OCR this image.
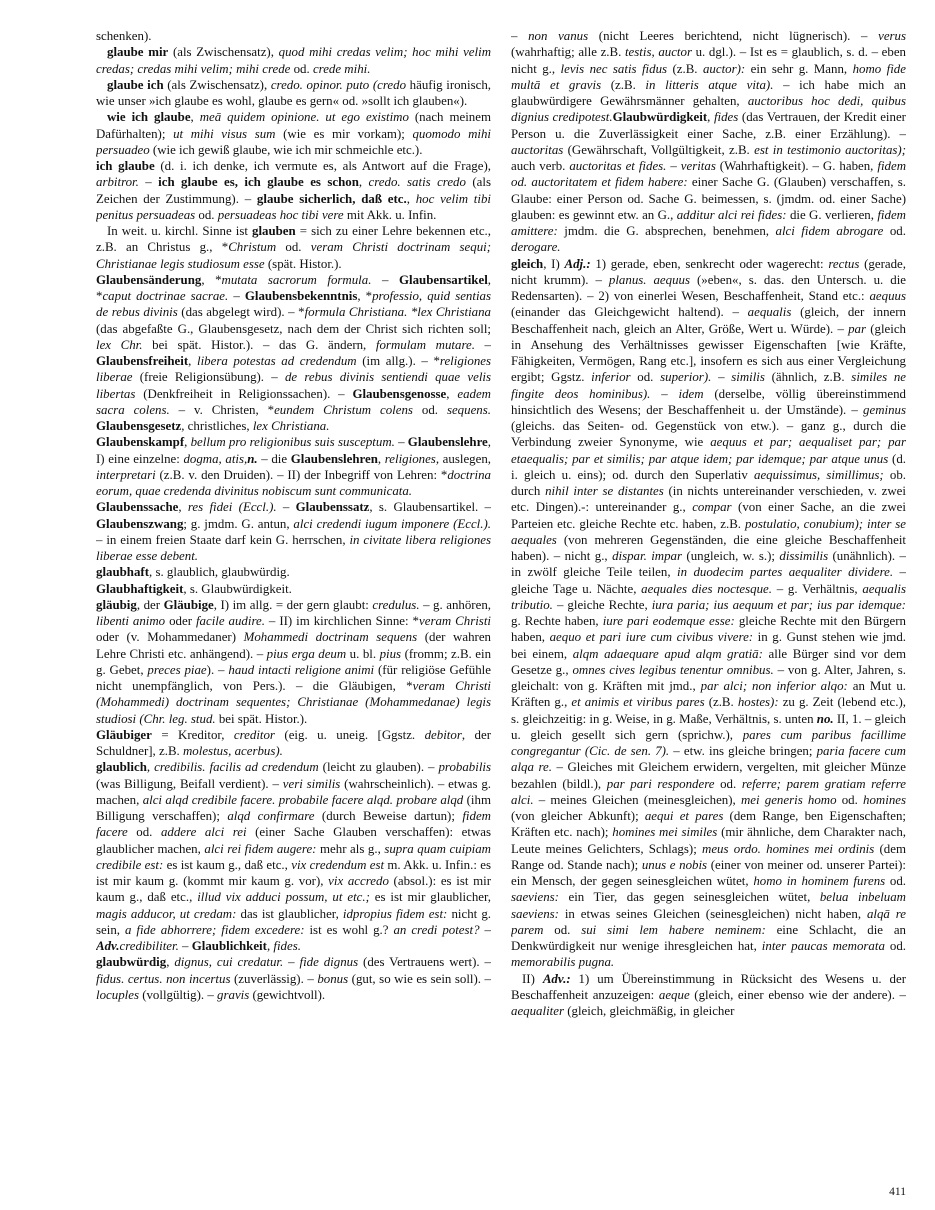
schenken).

glaube mir (als Zwischensatz), quod mihi credas velim; hoc mihi velim credas; credas mihi velim; mihi crede od. crede mihi.

glaube ich (als Zwischensatz), credo. opinor. puto (credo häufig ironisch, wie unser »ich glaube es wohl, glaube es gern« od. »sollt ich glauben«).

wie ich glaube, meā quidem opinione. ut ego existimo (nach meinem Dafürhalten); ut mihi visus sum (wie es mir vorkam); quomodo mihi persuadeo (wie ich gewiß glaube, wie ich mir schmeichle etc.).

ich glaube (d. i. ich denke, ich vermute es, als Antwort auf die Frage), arbitror. – ich glaube es, ich glaube es schon, credo. satis credo (als Zeichen der Zustimmung). – glaube sicherlich, daß etc., hoc velim tibi penitus persuadeas od. persuadeas hoc tibi vere mit Akk. u. Infin.

In weit. u. kirchl. Sinne ist glauben = sich zu einer Lehre bekennen etc., z.B. an Christus g., *Christum od. veram Christi doctrinam sequi; Christianae legis studiosum esse (spät. Histor.).

Glaubensänderung, *mutata sacrorum formula. – Glaubensartikel, *caput doctrinae sacrae. – Glaubensbekenntnis, *professio, quid sentias de rebus divinis (das abgelegt wird). – *formula Christiana. *lex Christiana (das abgefaßte G., Glaubensgesetz, nach dem der Christ sich richten soll; lex Chr. bei spät. Histor.). – das G. ändern, formulam mutare. – Glaubensfreiheit, libera potestas ad credendum (im allg.). – *religiones liberae (freie Religionsübung). – de rebus divinis sentiendi quae velis libertas (Denkfreiheit in Religionssachen). – Glaubensgenosse, eadem sacra colens. – v. Christen, *eundem Christum colens od. sequens. Glaubensgesetz, christliches, lex Christiana.

Glaubenskampf, bellum pro religionibus suis susceptum. – Glaubenslehre, I) eine einzelne: dogma, atis,n. – die Glaubenslehren, religiones, auslegen, interpretari (z.B. v. den Druiden). – II) der Inbegriff von Lehren: *doctrina eorum, quae credenda divinitus nobiscum sunt communicata.

Glaubenssache, res fidei (Eccl.). – Glaubenssatz, s. Glaubensartikel. – Glaubenszwang; g. jmdm. G. antun, alci credendi iugum imponere (Eccl.). – in einem freien Staate darf kein G. herrschen, in civitate libera religiones liberae esse debent.

glaubhaft, s. glaublich, glaubwürdig.

Glaubhaftigkeit, s. Glaubwürdigkeit.

gläubig, der Gläubige, I) im allg. = der gern glaubt: credulus. – g. anhören, libenti animo oder facile audire. – II) im kirchlichen Sinne: *veram Christi oder (v. Mohammedaner) Mohammedi doctrinam sequens (der wahren Lehre Christi etc. anhängend). – pius erga deum u. bl. pius (fromm; z.B. ein g. Gebet, preces piae). – haud intacti religione animi (für religiöse Gefühle nicht unempfänglich, von Pers.). – die Gläubigen, *veram Christi (Mohammedi) doctrinam sequentes; Christianae (Mohammedanae) legis studiosi (Chr. leg. stud. bei spät. Histor.).

Gläubiger = Kreditor, creditor (eig. u. uneig. [Ggstz. debitor, der Schuldner], z.B. molestus, acerbus).

glaublich, credibilis. facilis ad credendum (leicht zu glauben). – probabilis (was Billigung, Beifall verdient). – veri similis (wahrscheinlich). – etwas g. machen, alci alqd credibile facere. probabile facere alqd. probare alqd (ihm Billigung verschaffen); alqd confirmare (durch Beweise dartun); fidem facere od. addere alci rei (einer Sache Glauben verschaffen): etwas glaublicher machen, alci rei fidem augere: mehr als g., supra quam cuipiam credibile est: es ist kaum g., daß etc., vix credendum est m. Akk. u. Infin.: es ist mir kaum g. (kommt mir kaum g. vor), vix accredo (absol.): es ist mir kaum g., daß etc., illud vix adduci possum, ut etc.; es ist mir glaublicher, magis adducor, ut credam: das ist glaublicher, idpropius fidem est: nicht g. sein, a fide abhorrere; fidem excedere: ist es wohl g.? an credi potest? – Adv.credibiliter. – Glaublichkeit, fides.

glaubwürdig, dignus, cui credatur. – fide dignus (des Vertrauens wert). – fidus. certus. non incertus (zuverlässig). – bonus (gut, so wie es sein soll). – locuples (vollgültig). – gravis (gewichtvoll).

– non vanus (nicht Leeres berichtend, nicht lügnerisch). – verus (wahrhaftig; alle z.B. testis, auctor u. dgl.). – Ist es = glaublich, s. d. – eben nicht g., levis nec satis fidus (z.B. auctor): ein sehr g. Mann, homo fide multā et gravis (z.B. in litteris atque vita). – ich habe mich an glaubwürdigere Gewährsmänner gehalten, auctoribus hoc dedi, quibus dignius credipotest.Glaubwürdigkeit, fides (das Vertrauen, der Kredit einer Person u. die Zuverlässigkeit einer Sache, z.B. einer Erzählung). – auctoritas (Gewährschaft, Vollgültigkeit, z.B. est in testimonio auctoritas); auch verb. auctoritas et fides. – veritas (Wahrhaftigkeit). – G. haben, fidem od. auctoritatem et fidem habere: einer Sache G. (Glauben) verschaffen, s. Glaube: einer Person od. Sache G. beimessen, s. (jmdm. od. einer Sache) glauben: es gewinnt etw. an G., additur alci rei fides: die G. verlieren, fidem amittere: jmdm. die G. absprechen, benehmen, alci fidem abrogare od. derogare.

gleich, I) Adj.: 1) gerade, eben, senkrecht oder wagerecht: rectus (gerade, nicht krumm). – planus. aequus (»eben«, s. das. den Untersch. u. die Redensarten). – 2) von einerlei Wesen, Beschaffenheit, Stand etc.: aequus (einander das Gleichgewicht haltend). – aequalis (gleich, der innern Beschaffenheit nach, gleich an Alter, Größe, Wert u. Würde). – par (gleich in Ansehung des Verhältnisses gewisser Eigenschaften [wie Kräfte, Fähigkeiten, Vermögen, Rang etc.], insofern es sich aus einer Vergleichung ergibt; Ggstz. inferior od. superior). – similis (ähnlich, z.B. similes ne fingite deos hominibus). – idem (derselbe, völlig übereinstimmend hinsichtlich des Wesens; der Beschaffenheit u. der Umstände). – geminus (gleichs. das Seiten- od. Gegenstück von etw.). – ganz g., durch die Verbindung zweier Synonyme, wie aequus et par; aequaliset par; par etaequalis; par et similis; par atque idem; par idemque; par atque unus (d. i. gleich u. eins); od. durch den Superlativ aequissimus, simillimus; ob. durch nihil inter se distantes (in nichts untereinander verschieden, v. zwei etc. Dingen).-: untereinander g., compar (von einer Sache, an die zwei Parteien etc. gleiche Rechte etc. haben, z.B. postulatio, conubium); inter se aequales (von mehreren Gegenständen, die eine gleiche Beschaffenheit haben). – nicht g., dispar. impar (ungleich, w. s.); dissimilis (unähnlich). – in zwölf gleiche Teile teilen, in duodecim partes aequaliter dividere. – gleiche Tage u. Nächte, aequales dies noctesque. – g. Verhältnis, aequalis tributio. – gleiche Rechte, iura paria; ius aequum et par; ius par idemque: g. Rechte haben, iure pari eodemque esse: gleiche Rechte mit den Bürgern haben, aequo et pari iure cum civibus vivere: in g. Gunst stehen wie jmd. bei einem, alqm adaequare apud alqm gratiā: alle Bürger sind vor dem Gesetze g., omnes cives legibus tenentur omnibus. – von g. Alter, Jahren, s. gleichalt: von g. Kräften mit jmd., par alci; non inferior alqo: an Mut u. Kräften g., et animis et viribus pares (z.B. hostes): zu g. Zeit (lebend etc.), s. gleichzeitig: in g. Weise, in g. Maße, Verhältnis, s. unten no. II, 1. – gleich u. gleich gesellt sich gern (sprichw.), pares cum paribus facillime congregantur (Cic. de sen. 7). – etw. ins gleiche bringen; paria facere cum alqa re. – Gleiches mit Gleichem erwidern, vergelten, mit gleicher Münze bezahlen (bildl.), par pari respondere od. referre; parem gratiam referre alci. – meines Gleichen (meinesgleichen), mei generis homo od. homines (von gleicher Abkunft); aequi et pares (dem Range, ben Eigenschaften; Kräften etc. nach); homines mei similes (mir ähnliche, dem Charakter nach, Leute meines Gelichters, Schlags); meus ordo. homines mei ordinis (dem Range od. Stande nach); unus e nobis (einer von meiner od. unserer Partei): ein Mensch, der gegen seinesgleichen wütet, homo in hominem furens od. saeviens: ein Tier, das gegen seinesgleichen wütet, belua inbeluam saeviens: in etwas seines Gleichen (seinesgleichen) nicht haben, alqā re parem od. sui simi lem habere neminem: eine Schlacht, die an Denkwürdigkeit nur wenige ihresgleichen hat, inter paucas memorata od. memorabilis pugna.

II) Adv.: 1) um Übereinstimmung in Rücksicht des Wesens u. der Beschaffenheit anzuzeigen: aeque (gleich, einer ebenso wie der andere). – aequaliter (gleich, gleichmäßig, in gleicher

411
